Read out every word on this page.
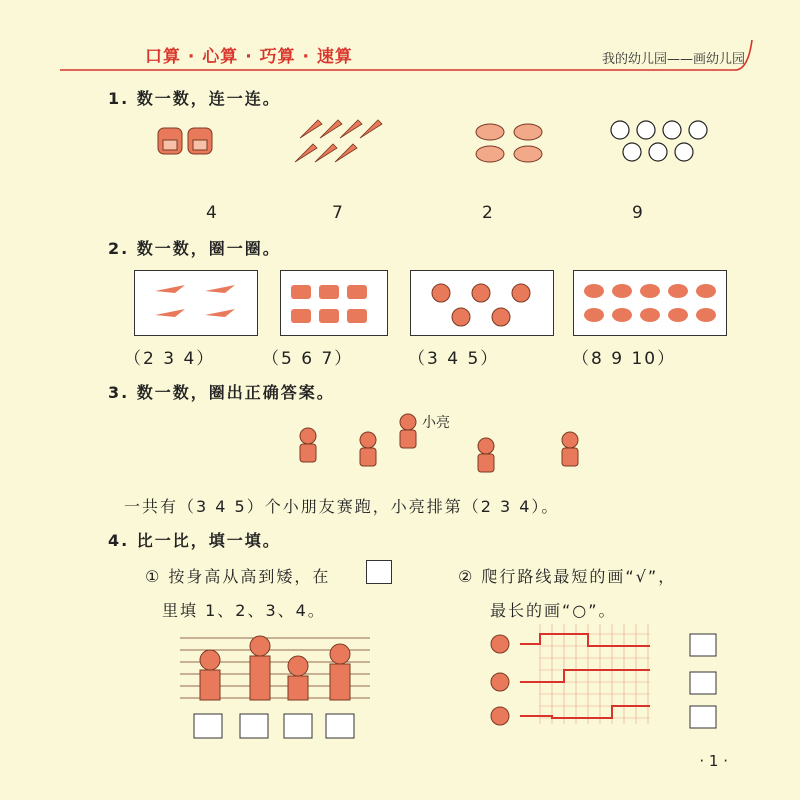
口算 · 心算 · 巧算 · 速算	我的幼儿园——画幼儿园
1. 数一数，连一连。
4	7	2	9
2. 数一数，圈一圈。
（2 3 4）	（5 6 7）	（3 4 5）	（8 9 10）
3. 数一数，圈出正确答案。
小亮
一共有（3 4 5）个小朋友赛跑，小亮排第（2 3 4）。
4. 比一比，填一填。
① 按身高从高到矮，在
里填 1、2、3、4。
② 爬行路线最短的画“√”，
最长的画“○”。
· 1 ·
